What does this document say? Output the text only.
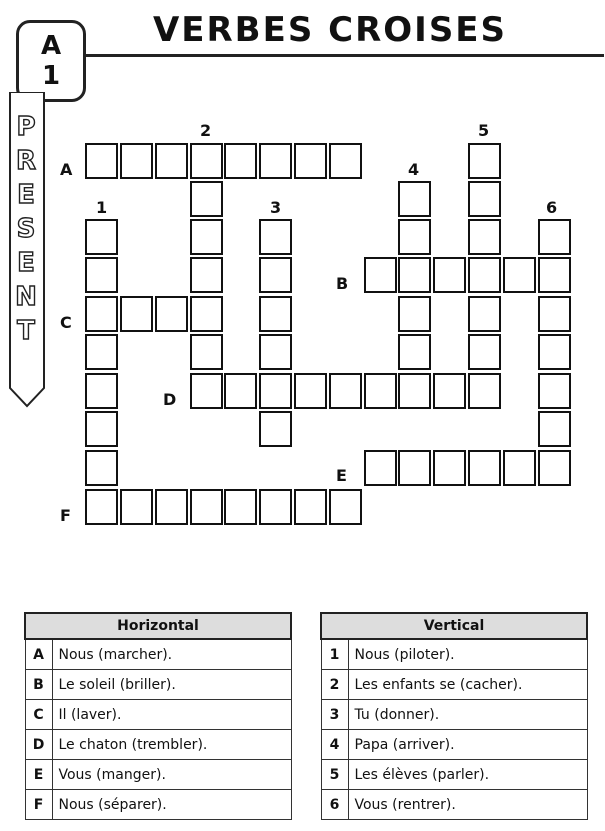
A
1
VERBES CROISES
P
R
E
S
E
N
T
A
B
C
D
E
F
1
2
3
4
5
6
Horizontal	
A	Nous (marcher).
B	Le soleil (briller).
C	Il (laver).
D	Le chaton (trembler).
E	Vous (manger).
F	Nous (séparer).
Vertical	
1	Nous (piloter).
2	Les enfants se (cacher).
3	Tu (donner).
4	Papa (arriver).
5	Les élèves (parler).
6	Vous (rentrer).
